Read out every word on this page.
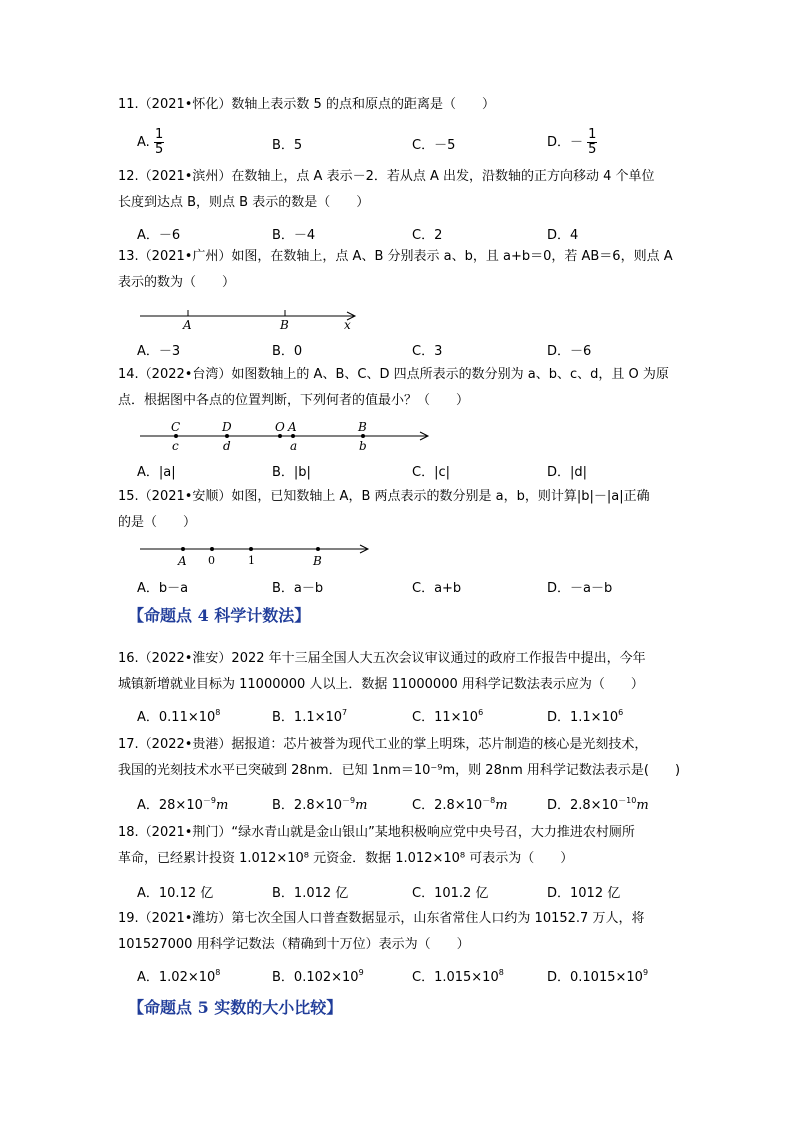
11.（2021•怀化）数轴上表示数 5 的点和原点的距离是（　　）
A. $\frac{1}{5}$	B．5	C．－5	D．－ $\frac{1}{5}$
12.（2021•滨州）在数轴上，点 A 表示－2．若从点 A 出发，沿数轴的正方向移动 4 个单位
长度到达点 B，则点 B 表示的数是（　　）
A．－6	B．－4	C．2	D．4
13.（2021•广州）如图，在数轴上，点 A、B 分别表示 a、b，且 a+b＝0，若 AB＝6，则点 A
表示的数为（　　）
A	B	x
A．－3	B．0	C．3	D．－6
14.（2022•台湾）如图数轴上的 A、B、C、D 四点所表示的数分别为 a、b、c、d，且 O 为原
点．根据图中各点的位置判断，下列何者的值最小？（　　）
C
c
D
d
O A
a
B
b
A．|a|	B．|b|	C．|c|	D．|d|
15.（2021•安顺）如图，已知数轴上 A，B 两点表示的数分别是 a，b，则计算|b|－|a|正确
的是（　　）
A 0	1	B
A．b－a	B．a－b	C．a+b	D．－a－b
【命题点 4 科学计数法】
16.（2022•淮安）2022 年十三届全国人大五次会议审议通过的政府工作报告中提出，今年
城镇新增就业目标为 11000000 人以上．数据 11000000 用科学记数法表示应为（　　）
A．$0.11\times 10^8$	B．$1.1\times 10^7$	C．$11\times 10^6$	D．$1.1\times 10^6$
17.（2022•贵港）据报道：芯片被誉为现代工业的掌上明珠，芯片制造的核心是光刻技术，
我国的光刻技术水平已突破到 28nm．已知 1nm＝10⁻⁹m，则 28nm 用科学记数法表示是(　　)
A．$28\times 10^{-9}m$	B．$2.8\times 10^{-9}m$	C．$2.8\times 10^{-8}m$	D．$2.8\times 10^{-10}m$
18.（2021•荆门）“绿水青山就是金山银山”某地积极响应党中央号召，大力推进农村厕所
革命，已经累计投资 1.012×10⁸ 元资金．数据 1.012×10⁸ 可表示为（　　）
A．10.12 亿	B．1.012 亿	C．101.2 亿	D．1012 亿
19.（2021•潍坊）第七次全国人口普查数据显示，山东省常住人口约为 10152.7 万人，将
101527000 用科学记数法（精确到十万位）表示为（　　）
A．$1.02\times 10^8$	B．$0.102\times 10^9$	C．$1.015\times 10^8$	D．$0.1015\times 10^9$
【命题点 5 实数的大小比较】
